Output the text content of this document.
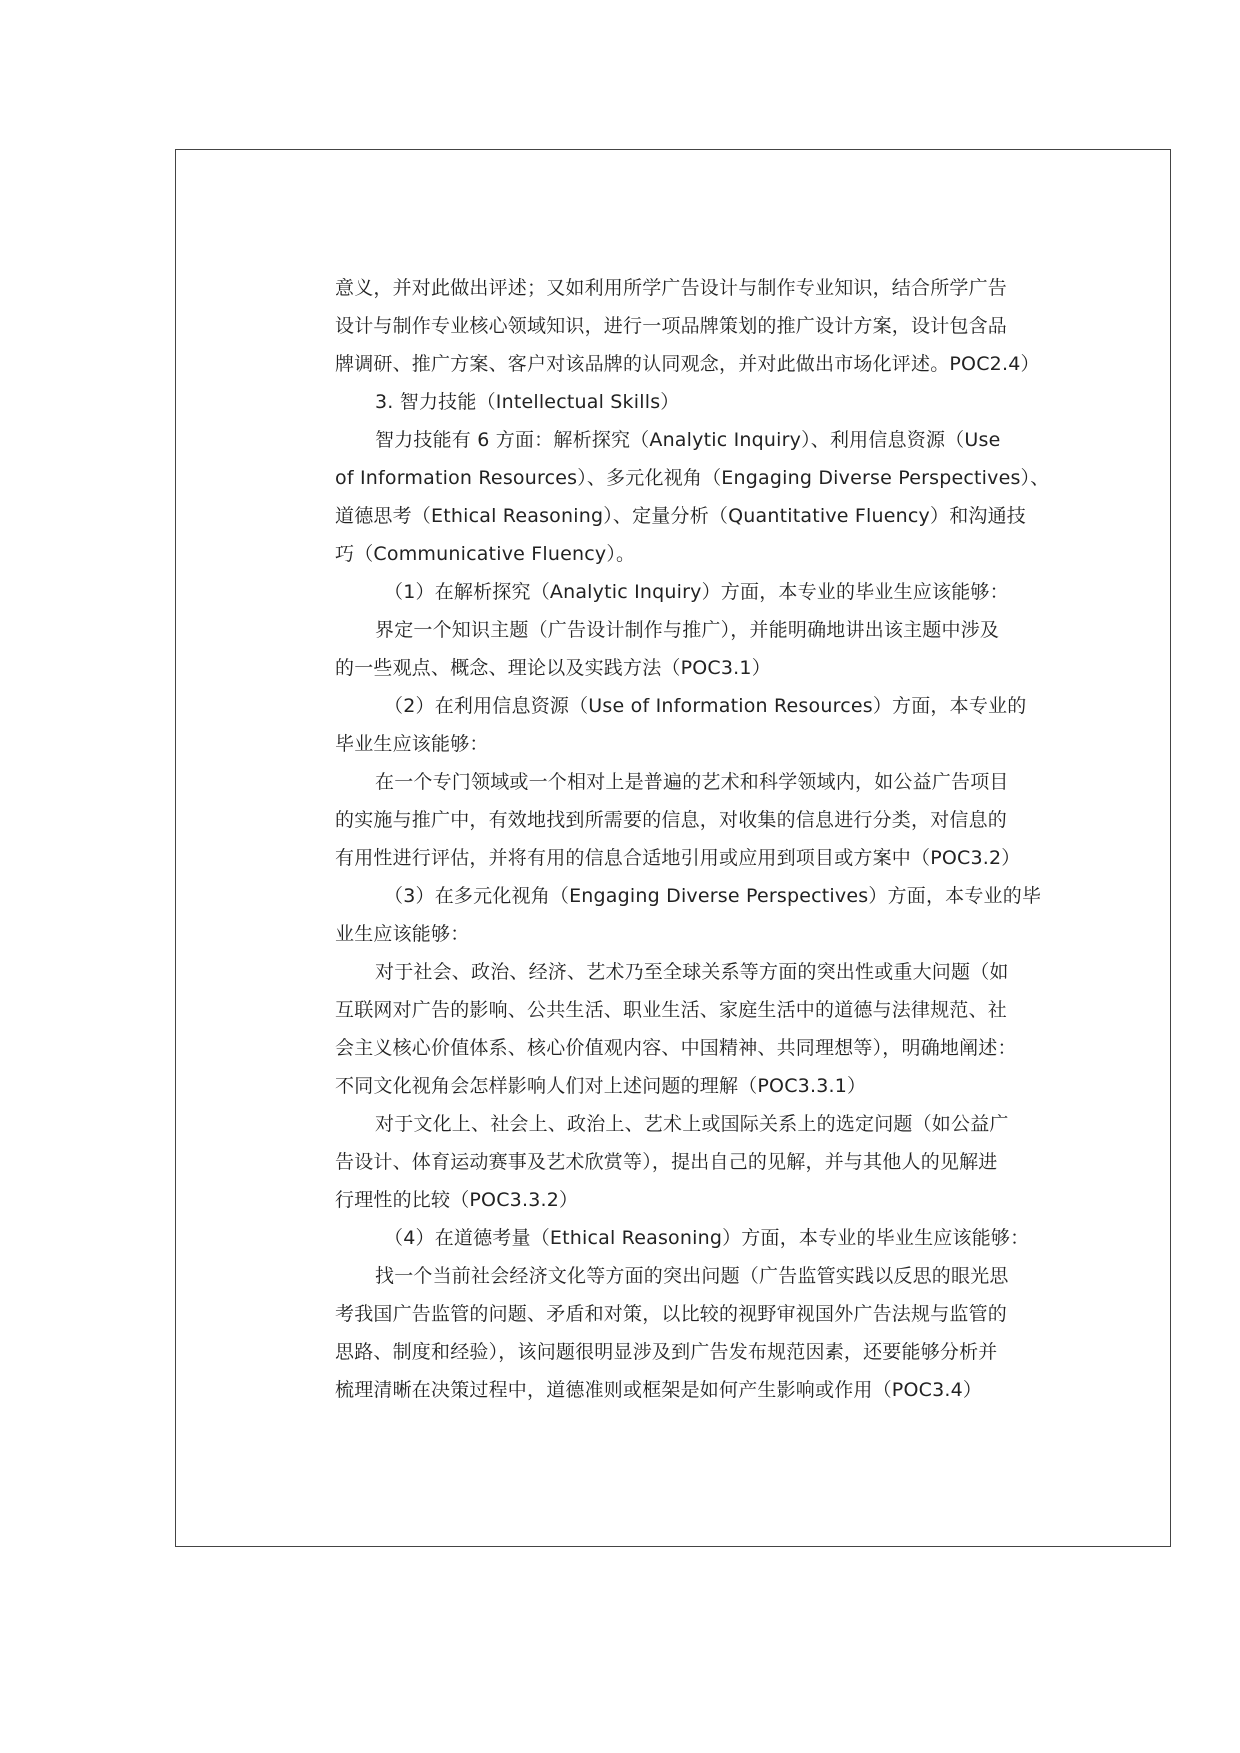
意义，并对此做出评述；又如利用所学广告设计与制作专业知识，结合所学广告
设计与制作专业核心领域知识，进行一项品牌策划的推广设计方案，设计包含品
牌调研、推广方案、客户对该品牌的认同观念，并对此做出市场化评述。POC2.4）
3. 智力技能（Intellectual Skills）
智力技能有 6 方面：解析探究（Analytic Inquiry）、利用信息资源（Use
of Information Resources）、多元化视角（Engaging Diverse Perspectives）、
道德思考（Ethical Reasoning）、定量分析（Quantitative Fluency）和沟通技
巧（Communicative Fluency）。
（1）在解析探究（Analytic Inquiry）方面，本专业的毕业生应该能够：
界定一个知识主题（广告设计制作与推广），并能明确地讲出该主题中涉及
的一些观点、概念、理论以及实践方法（POC3.1）
（2）在利用信息资源（Use of Information Resources）方面，本专业的
毕业生应该能够：
在一个专门领域或一个相对上是普遍的艺术和科学领域内，如公益广告项目
的实施与推广中，有效地找到所需要的信息，对收集的信息进行分类，对信息的
有用性进行评估，并将有用的信息合适地引用或应用到项目或方案中（POC3.2）
（3）在多元化视角（Engaging Diverse Perspectives）方面，本专业的毕
业生应该能够：
对于社会、政治、经济、艺术乃至全球关系等方面的突出性或重大问题（如
互联网对广告的影响、公共生活、职业生活、家庭生活中的道德与法律规范、社
会主义核心价值体系、核心价值观内容、中国精神、共同理想等），明确地阐述：
不同文化视角会怎样影响人们对上述问题的理解（POC3.3.1）
对于文化上、社会上、政治上、艺术上或国际关系上的选定问题（如公益广
告设计、体育运动赛事及艺术欣赏等），提出自己的见解，并与其他人的见解进
行理性的比较（POC3.3.2）
（4）在道德考量（Ethical Reasoning）方面，本专业的毕业生应该能够：
找一个当前社会经济文化等方面的突出问题（广告监管实践以反思的眼光思
考我国广告监管的问题、矛盾和对策，以比较的视野审视国外广告法规与监管的
思路、制度和经验），该问题很明显涉及到广告发布规范因素，还要能够分析并
梳理清晰在决策过程中，道德准则或框架是如何产生影响或作用（POC3.4）
